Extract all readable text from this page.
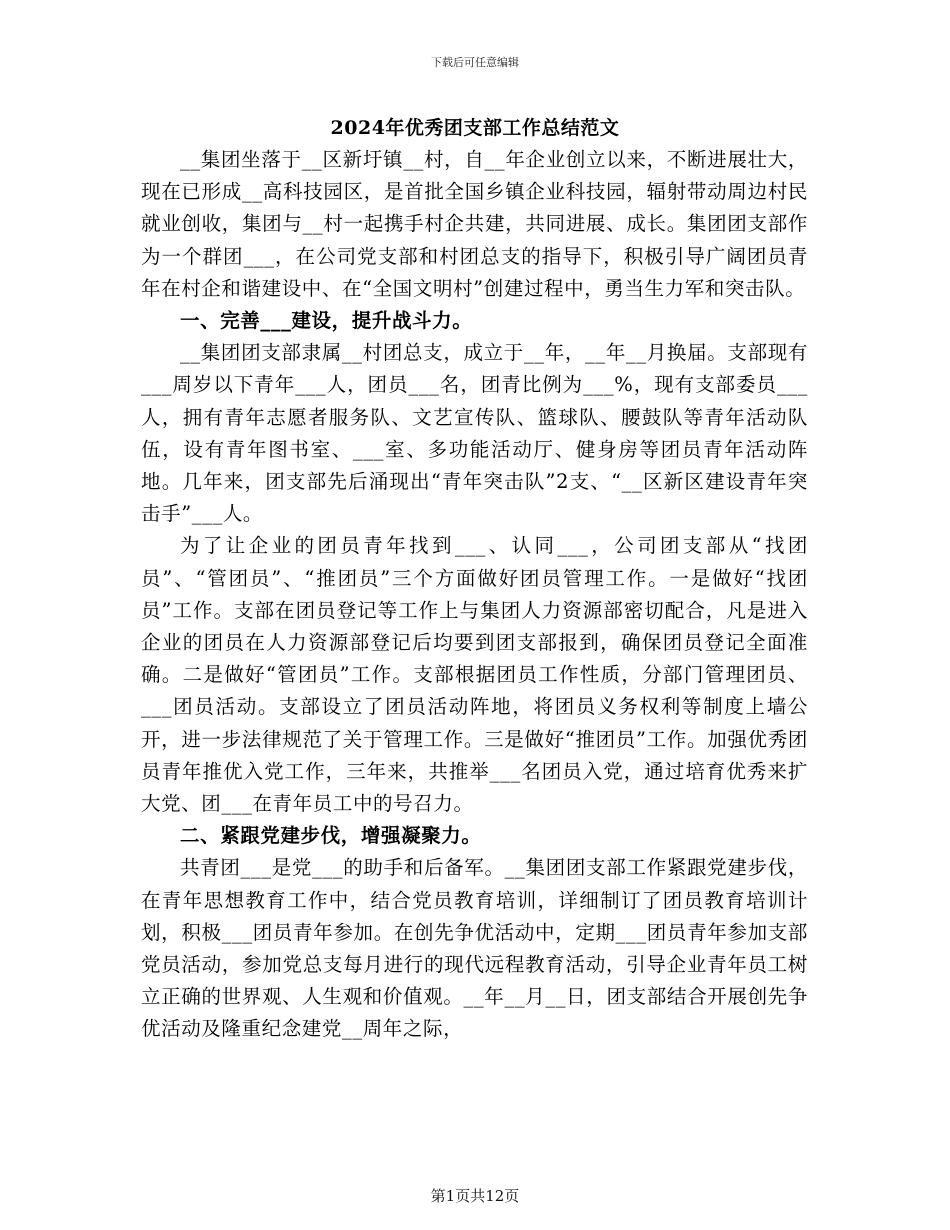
下载后可任意编辑
2024年优秀团支部工作总结范文

__集团坐落于__区新圩镇__村，自__年企业创立以来，不断进展壮大，现在已形成__高科技园区，是首批全国乡镇企业科技园，辐射带动周边村民就业创收，集团与__村一起携手村企共建，共同进展、成长。集团团支部作为一个群团___，在公司党支部和村团总支的指导下，积极引导广阔团员青年在村企和谐建设中、在“全国文明村”创建过程中，勇当生力军和突击队。

一、完善___建设，提升战斗力。

__集团团支部隶属__村团总支，成立于__年，__年__月换届。支部现有___周岁以下青年___人，团员___名，团青比例为___%，现有支部委员___人，拥有青年志愿者服务队、文艺宣传队、篮球队、腰鼓队等青年活动队伍，设有青年图书室、___室、多功能活动厅、健身房等团员青年活动阵地。几年来，团支部先后涌现出“青年突击队”2支、“__区新区建设青年突击手”___人。

为了让企业的团员青年找到___、认同___，公司团支部从“找团员”、“管团员”、“推团员”三个方面做好团员管理工作。一是做好“找团员”工作。支部在团员登记等工作上与集团人力资源部密切配合，凡是进入企业的团员在人力资源部登记后均要到团支部报到，确保团员登记全面准确。二是做好“管团员”工作。支部根据团员工作性质，分部门管理团员、___团员活动。支部设立了团员活动阵地，将团员义务权利等制度上墙公开，进一步法律规范了关于管理工作。三是做好“推团员”工作。加强优秀团员青年推优入党工作，三年来，共推举___名团员入党，通过培育优秀来扩大党、团___在青年员工中的号召力。

二、紧跟党建步伐，增强凝聚力。

共青团___是党___的助手和后备军。__集团团支部工作紧跟党建步伐，在青年思想教育工作中，结合党员教育培训，详细制订了团员教育培训计划，积极___团员青年参加。在创先争优活动中，定期___团员青年参加支部党员活动，参加党总支每月进行的现代远程教育活动，引导企业青年员工树立正确的世界观、人生观和价值观。__年__月__日，团支部结合开展创先争优活动及隆重纪念建党__周年之际，

第1页共12页
